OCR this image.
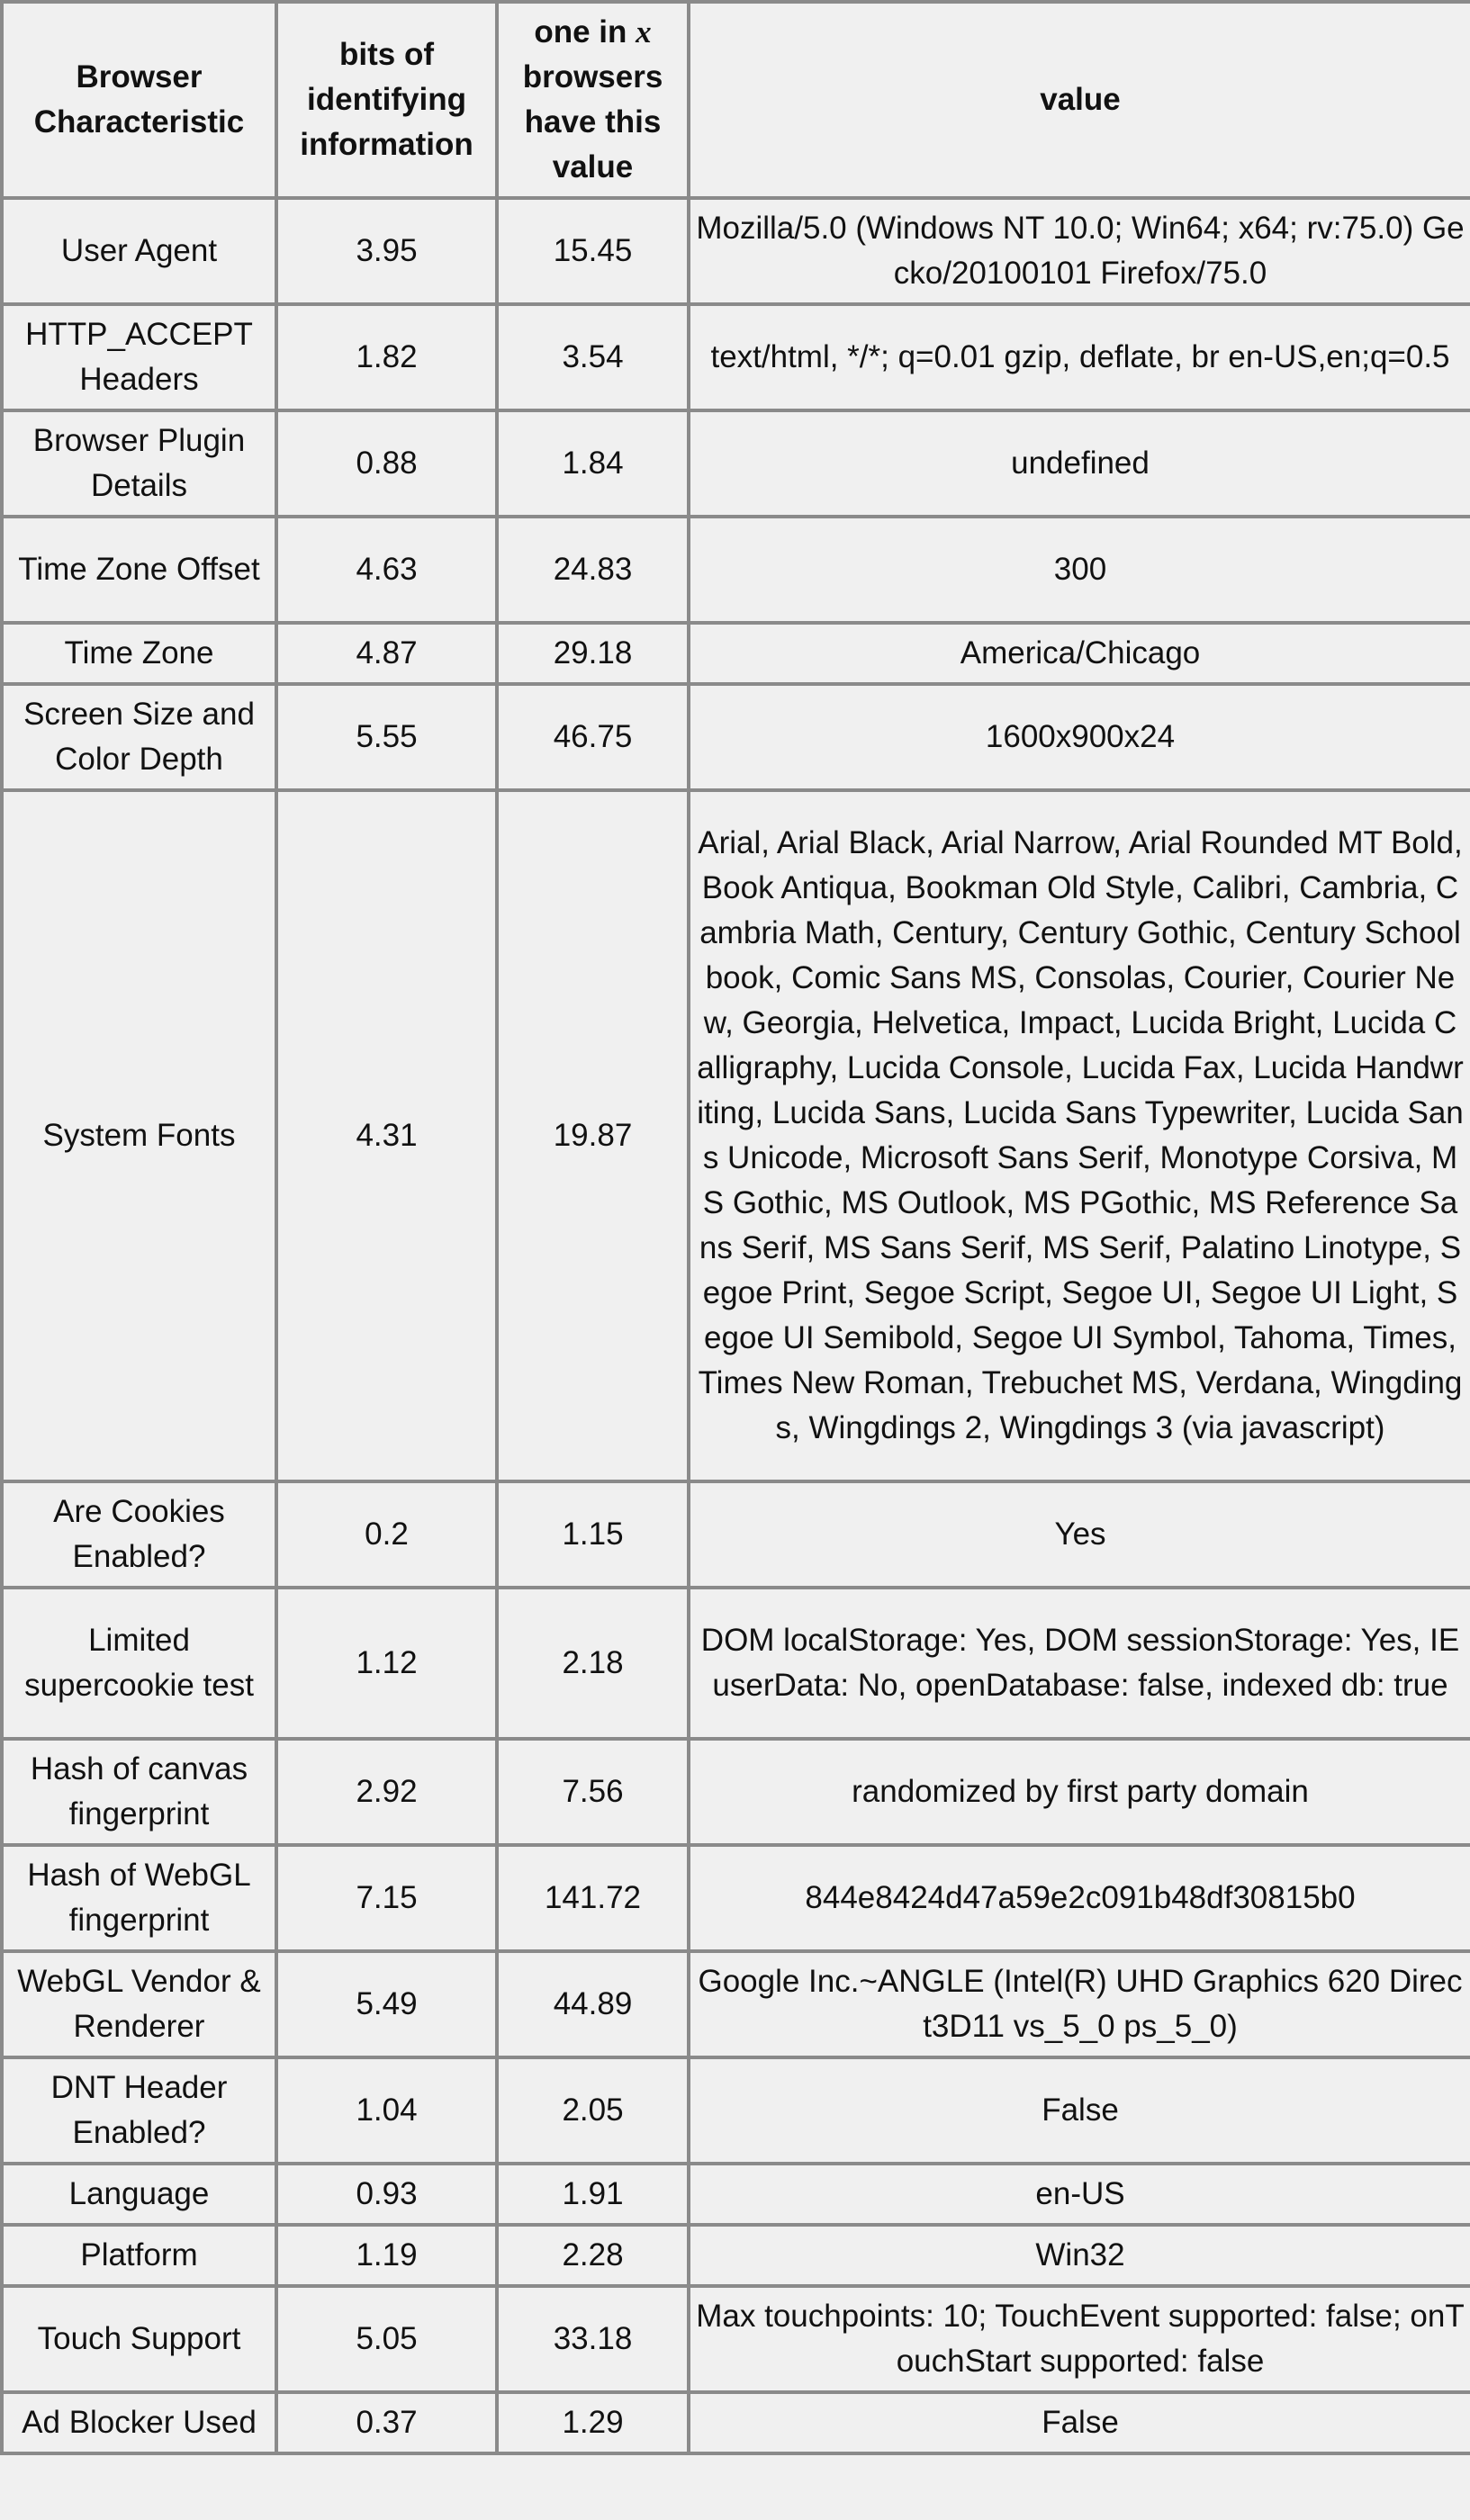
Browser Characteristic	bits of identifying information	one in x browsers have this value	value
User Agent	3.95	15.45	Mozilla/5.0 (Windows NT 10.0; Win64; x64; rv:75.0) Gecko/20100101 Firefox/75.0
HTTP_ACCEPT Headers	1.82	3.54	text/html, */*; q=0.01 gzip, deflate, br en-US,en;q=0.5
Browser Plugin Details	0.88	1.84	undefined
Time Zone Offset	4.63	24.83	300
Time Zone	4.87	29.18	America/Chicago
Screen Size and Color Depth	5.55	46.75	1600x900x24
System Fonts	4.31	19.87	Arial, Arial Black, Arial Narrow, Arial Rounded MT Bold, Book Antiqua, Bookman Old Style, Calibri, Cambria, Cambria Math, Century, Century Gothic, Century Schoolbook, Comic Sans MS, Consolas, Courier, Courier New, Georgia, Helvetica, Impact, Lucida Bright, Lucida Calligraphy, Lucida Console, Lucida Fax, Lucida Handwriting, Lucida Sans, Lucida Sans Typewriter, Lucida Sans Unicode, Microsoft Sans Serif, Monotype Corsiva, MS Gothic, MS Outlook, MS PGothic, MS Reference Sans Serif, MS Sans Serif, MS Serif, Palatino Linotype, Segoe Print, Segoe Script, Segoe UI, Segoe UI Light, Segoe UI Semibold, Segoe UI Symbol, Tahoma, Times, Times New Roman, Trebuchet MS, Verdana, Wingdings, Wingdings 2, Wingdings 3 (via javascript)
Are Cookies Enabled?	0.2	1.15	Yes
Limited supercookie test	1.12	2.18	DOM localStorage: Yes, DOM sessionStorage: Yes, IE userData: No, openDatabase: false, indexed db: true
Hash of canvas fingerprint	2.92	7.56	randomized by first party domain
Hash of WebGL fingerprint	7.15	141.72	844e8424d47a59e2c091b48df30815b0
WebGL Vendor & Renderer	5.49	44.89	Google Inc.~ANGLE (Intel(R) UHD Graphics 620 Direct3D11 vs_5_0 ps_5_0)
DNT Header Enabled?	1.04	2.05	False
Language	0.93	1.91	en-US
Platform	1.19	2.28	Win32
Touch Support	5.05	33.18	Max touchpoints: 10; TouchEvent supported: false; onTouchStart supported: false
Ad Blocker Used	0.37	1.29	False
